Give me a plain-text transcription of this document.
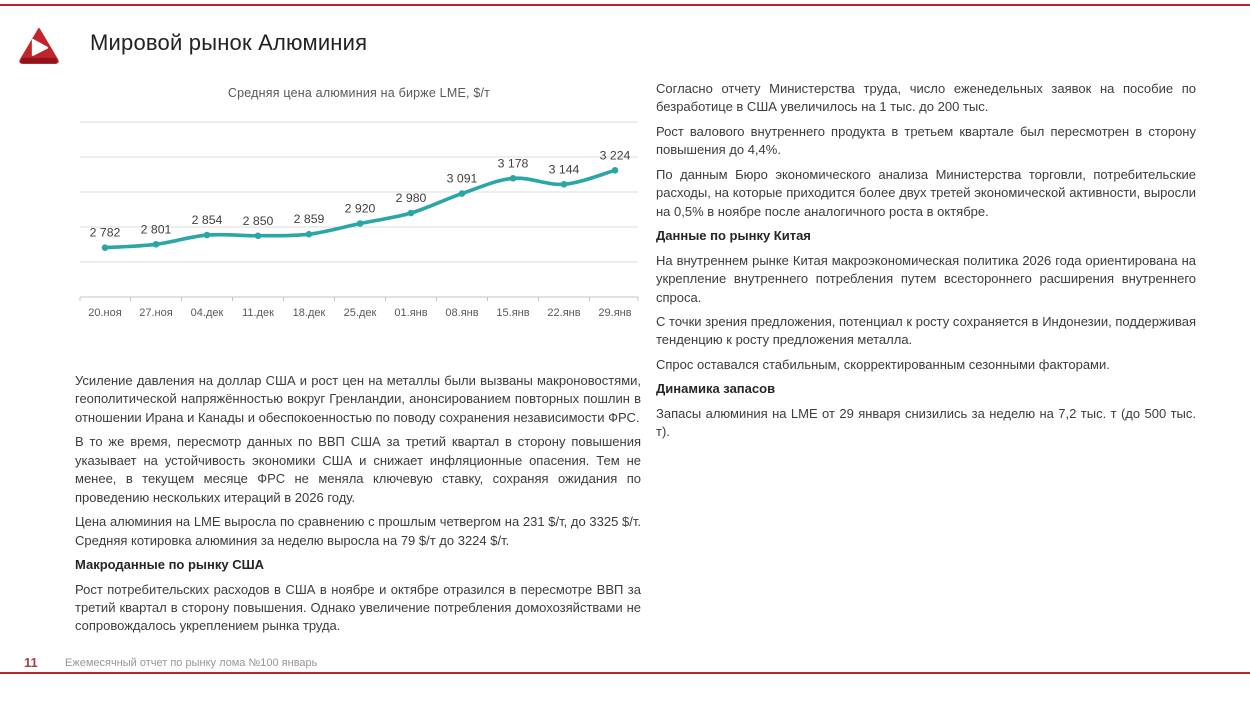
Мировой рынок Алюминия
Средняя цена алюминия на бирже LME, $/т
2 782
20.ноя
2 801
27.ноя
2 854
04.дек
2 850
11.дек
2 859
18.дек
2 920
25.дек
2 980
01.янв
3 091
08.янв
3 178
15.янв
3 144
22.янв
3 224
29.янв

Усиление давления на доллар США и рост цен на металлы были вызваны макроновостями, геополитической напряжённостью вокруг Гренландии, анонсированием повторных пошлин в отношении Ирана и Канады и обеспокоенностью по поводу сохранения независимости ФРС.

В то же время, пересмотр данных по ВВП США за третий квартал в сторону повышения указывает на устойчивость экономики США и снижает инфляционные опасения. Тем не менее, в текущем месяце ФРС не меняла ключевую ставку, сохраняя ожидания по проведению нескольких итераций в 2026 году.

Цена алюминия на LME выросла по сравнению с прошлым четвергом на 231 $/т, до 3325 $/т. Средняя котировка алюминия за неделю выросла на 79 $/т до 3224 $/т.

Макроданные по рынку США

Рост потребительских расходов в США в ноябре и октябре отразился в пересмотре ВВП за третий квартал в сторону повышения. Однако увеличение потребления домохозяйствами не сопровождалось укреплением рынка труда.

Согласно отчету Министерства труда, число еженедельных заявок на пособие по безработице в США увеличилось на 1 тыс. до 200 тыс.

Рост валового внутреннего продукта в третьем квартале был пересмотрен в сторону повышения до 4,4%.

По данным Бюро экономического анализа Министерства торговли, потребительские расходы, на которые приходится более двух третей экономической активности, выросли на 0,5% в ноябре после аналогичного роста в октябре.

Данные по рынку Китая

На внутреннем рынке Китая макроэкономическая политика 2026 года ориентирована на укрепление внутреннего потребления путем всестороннего расширения внутреннего спроса.

С точки зрения предложения, потенциал к росту сохраняется в Индонезии, поддерживая тенденцию к росту предложения металла.

Спрос оставался стабильным, скорректированным сезонными факторами.

Динамика запасов

Запасы алюминия на LME от 29 января снизились за неделю на 7,2 тыс. т (до 500 тыс. т).

11 Ежемесячный отчет по рынку лома №100 январь
